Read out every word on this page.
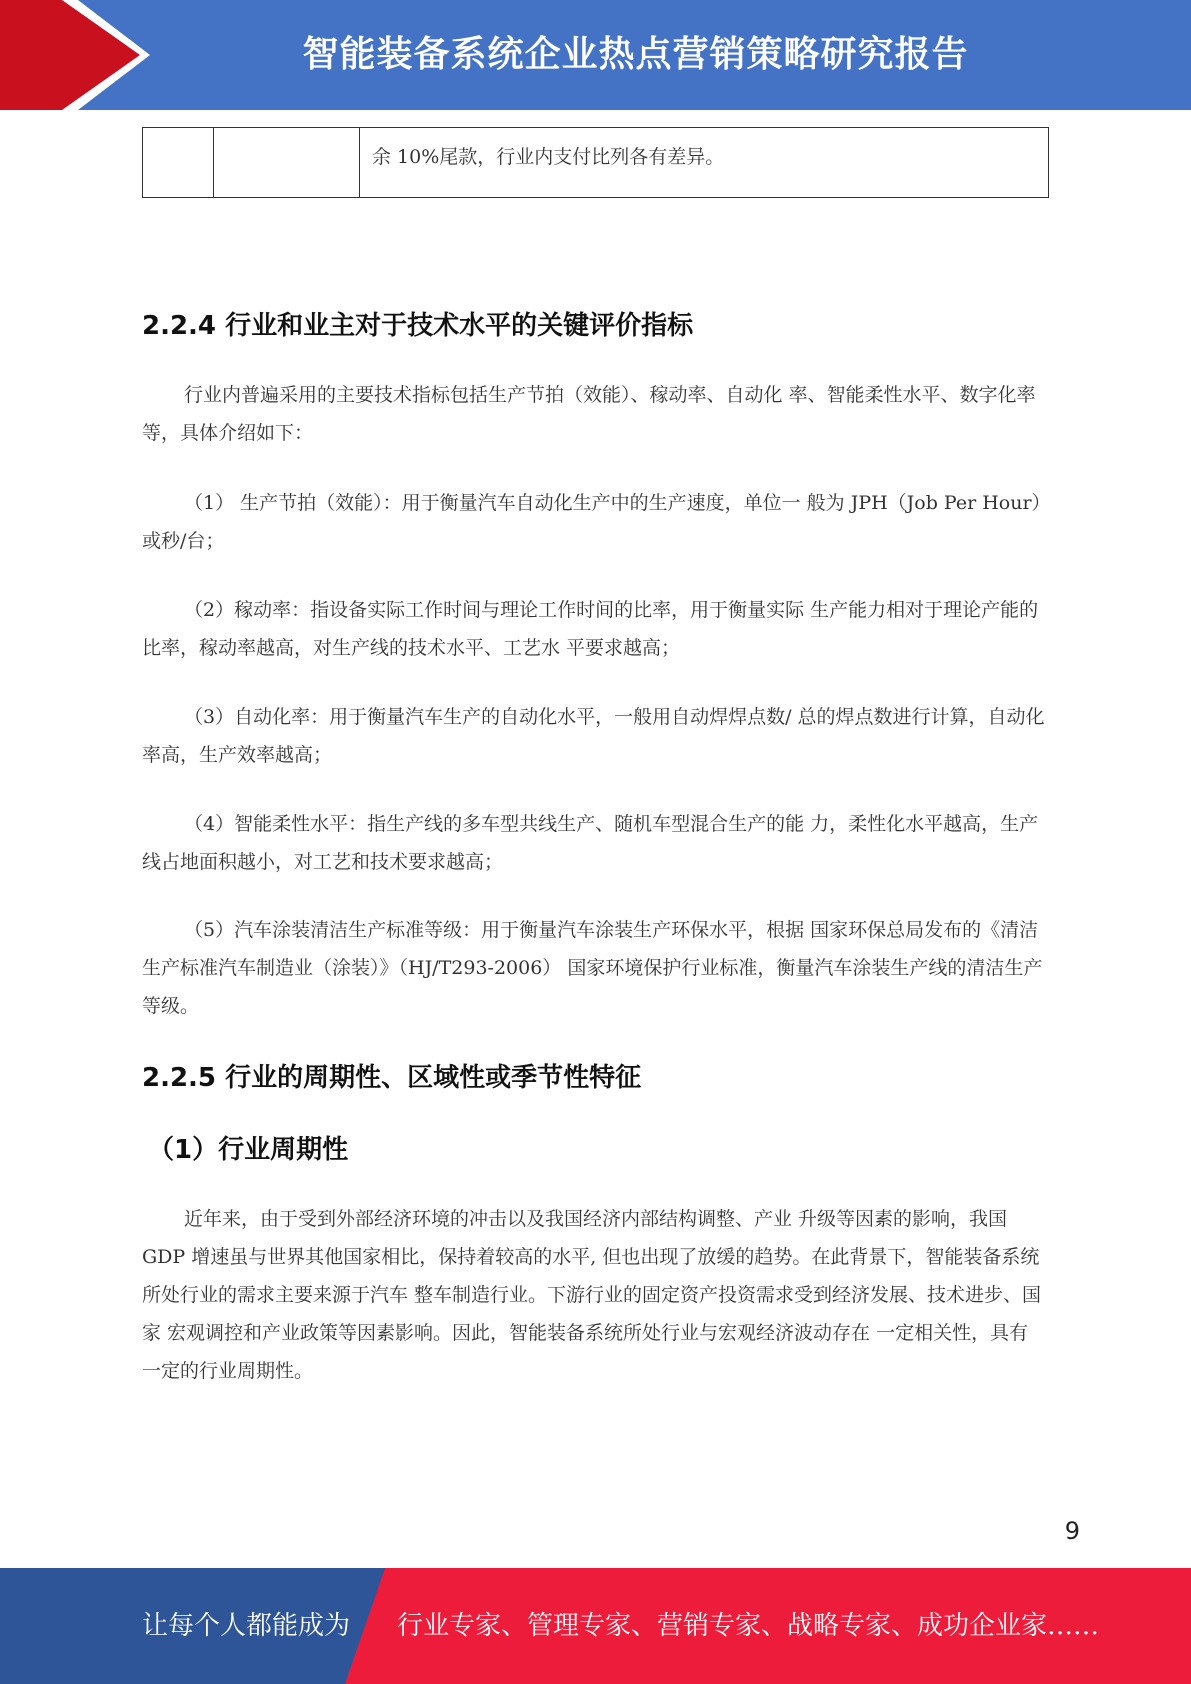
智能装备系统企业热点营销策略研究报告
		余 10%尾款，行业内支付比列各有差异。
2.2.4 行业和业主对于技术水平的关键评价指标

行业内普遍采用的主要技术指标包括生产节拍（效能）、稼动率、自动化 率、智能柔性水平、数字化率等，具体介绍如下：

（1） 生产节拍（效能）：用于衡量汽车自动化生产中的生产速度，单位一 般为 JPH（Job Per Hour）或秒/台；

（2）稼动率：指设备实际工作时间与理论工作时间的比率，用于衡量实际 生产能力相对于理论产能的比率，稼动率越高，对生产线的技术水平、工艺水 平要求越高；

（3）自动化率：用于衡量汽车生产的自动化水平，一般用自动焊焊点数/ 总的焊点数进行计算，自动化率高，生产效率越高；

（4）智能柔性水平：指生产线的多车型共线生产、随机车型混合生产的能 力，柔性化水平越高，生产线占地面积越小，对工艺和技术要求越高；

（5）汽车涂装清洁生产标准等级：用于衡量汽车涂装生产环保水平，根据 国家环保总局发布的《清洁生产标准汽车制造业（涂装）》（HJ/T293-2006） 国家环境保护行业标准，衡量汽车涂装生产线的清洁生产等级。

2.2.5 行业的周期性、区域性或季节性特征
（1）行业周期性

近年来，由于受到外部经济环境的冲击以及我国经济内部结构调整、产业 升级等因素的影响，我国 GDP 增速虽与世界其他国家相比，保持着较高的水平, 但也出现了放缓的趋势。在此背景下，智能装备系统所处行业的需求主要来源于汽车 整车制造行业。下游行业的固定资产投资需求受到经济发展、技术进步、国家 宏观调控和产业政策等因素影响。因此，智能装备系统所处行业与宏观经济波动存在 一定相关性，具有一定的行业周期性。

9
让每个人都能成为 行业专家、管理专家、营销专家、战略专家、成功企业家……
